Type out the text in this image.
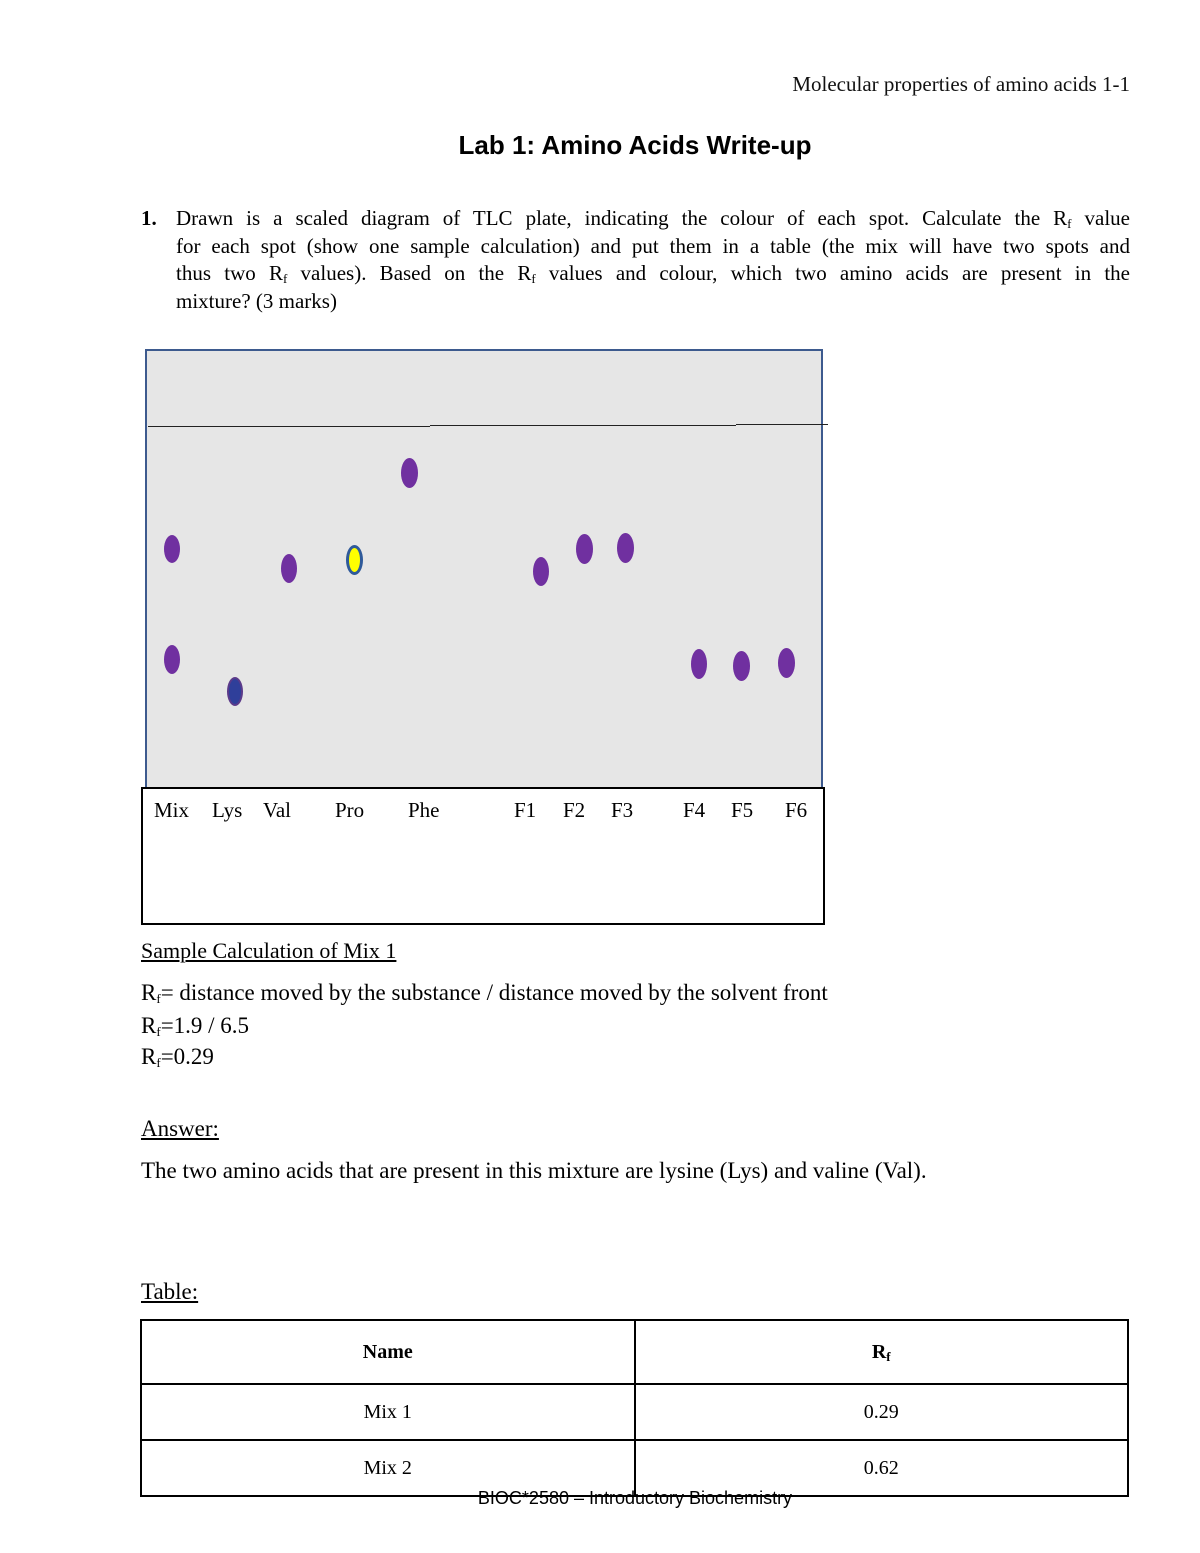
Molecular properties of amino acids 1-1
Lab 1: Amino Acids Write-up
1. Drawn is a scaled diagram of TLC plate, indicating the colour of each spot. Calculate the $R_f$ value
for each spot (show one sample calculation) and put them in a table (the mix will have two spots and
thus two $R_f$ values). Based on the $R_f$ values and colour, which two amino acids are present in the
mixture? (3 marks)
Mix Lys Val Pro Phe	F1 F2 F3 F4 F5 F6
Sample Calculation of Mix 1
$R_f=$ distance moved by the substance / distance moved by the solvent front
$R_f=1.9 / 6.5$
$R_f=0.29$
Answer:
The two amino acids that are present in this mixture are lysine (Lys) and valine (Val).
Table:
Name	$R_f$
Mix 1	0.29
Mix 2	0.62
BIOC*2580 – Introductory Biochemistry
